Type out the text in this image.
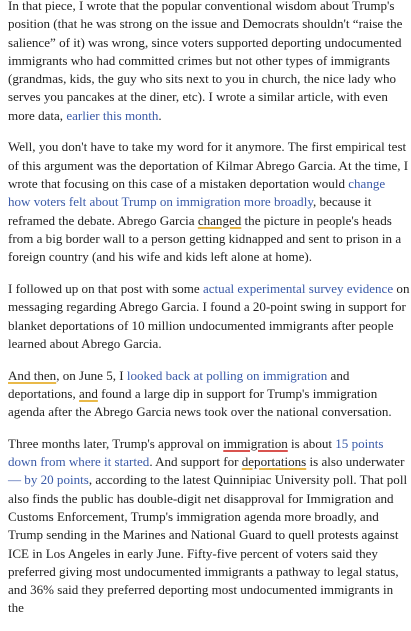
In that piece, I wrote that the popular conventional wisdom about Trump's position (that he was strong on the issue and Democrats shouldn't “raise the salience” of it) was wrong, since voters supported deporting undocumented immigrants who had committed crimes but not other types of immigrants (grandmas, kids, the guy who sits next to you in church, the nice lady who serves you pancakes at the diner, etc). I wrote a similar article, with even more data, earlier this month.

Well, you don't have to take my word for it anymore. The first empirical test of this argument was the deportation of Kilmar Abrego Garcia. At the time, I wrote that focusing on this case of a mistaken deportation would change how voters felt about Trump on immigration more broadly, because it reframed the debate. Abrego Garcia changed the picture in people's heads from a big border wall to a person getting kidnapped and sent to prison in a foreign country (and his wife and kids left alone at home).

I followed up on that post with some actual experimental survey evidence on messaging regarding Abrego Garcia. I found a 20-point swing in support for blanket deportations of 10 million undocumented immigrants after people learned about Abrego Garcia.

And then, on June 5, I looked back at polling on immigration and deportations, and found a large dip in support for Trump's immigration agenda after the Abrego Garcia news took over the national conversation.

Three months later, Trump's approval on immigration is about 15 points down from where it started. And support for deportations is also underwater — by 20 points, according to the latest Quinnipiac University poll. That poll also finds the public has double-digit net disapproval for Immigration and Customs Enforcement, Trump's immigration agenda more broadly, and Trump sending in the Marines and National Guard to quell protests against ICE in Los Angeles in early June. Fifty-five percent of voters said they preferred giving most undocumented immigrants a pathway to legal status, and 36% said they preferred deporting most undocumented immigrants in the
